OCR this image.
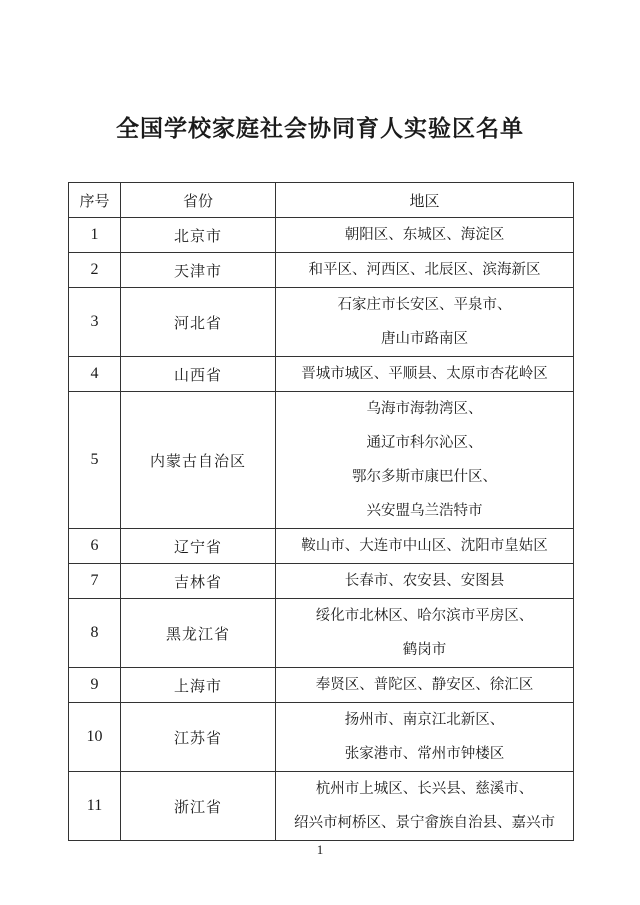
全国学校家庭社会协同育人实验区名单
序号	省份	地区
1	北京市	朝阳区、东城区、海淀区

2	天津市	和平区、河西区、北辰区、滨海新区

3	河北省	石家庄市长安区、平泉市、
唐山市路南区

4	山西省	晋城市城区、平顺县、太原市杏花岭区

5	内蒙古自治区	乌海市海勃湾区、
通辽市科尔沁区、
鄂尔多斯市康巴什区、
兴安盟乌兰浩特市

6	辽宁省	鞍山市、大连市中山区、沈阳市皇姑区

7	吉林省	长春市、农安县、安图县

8	黑龙江省	绥化市北林区、哈尔滨市平房区、
鹤岗市

9	上海市	奉贤区、普陀区、静安区、徐汇区

10	江苏省	扬州市、南京江北新区、
张家港市、常州市钟楼区

11	浙江省	杭州市上城区、长兴县、慈溪市、
绍兴市柯桥区、景宁畲族自治县、嘉兴市
1
